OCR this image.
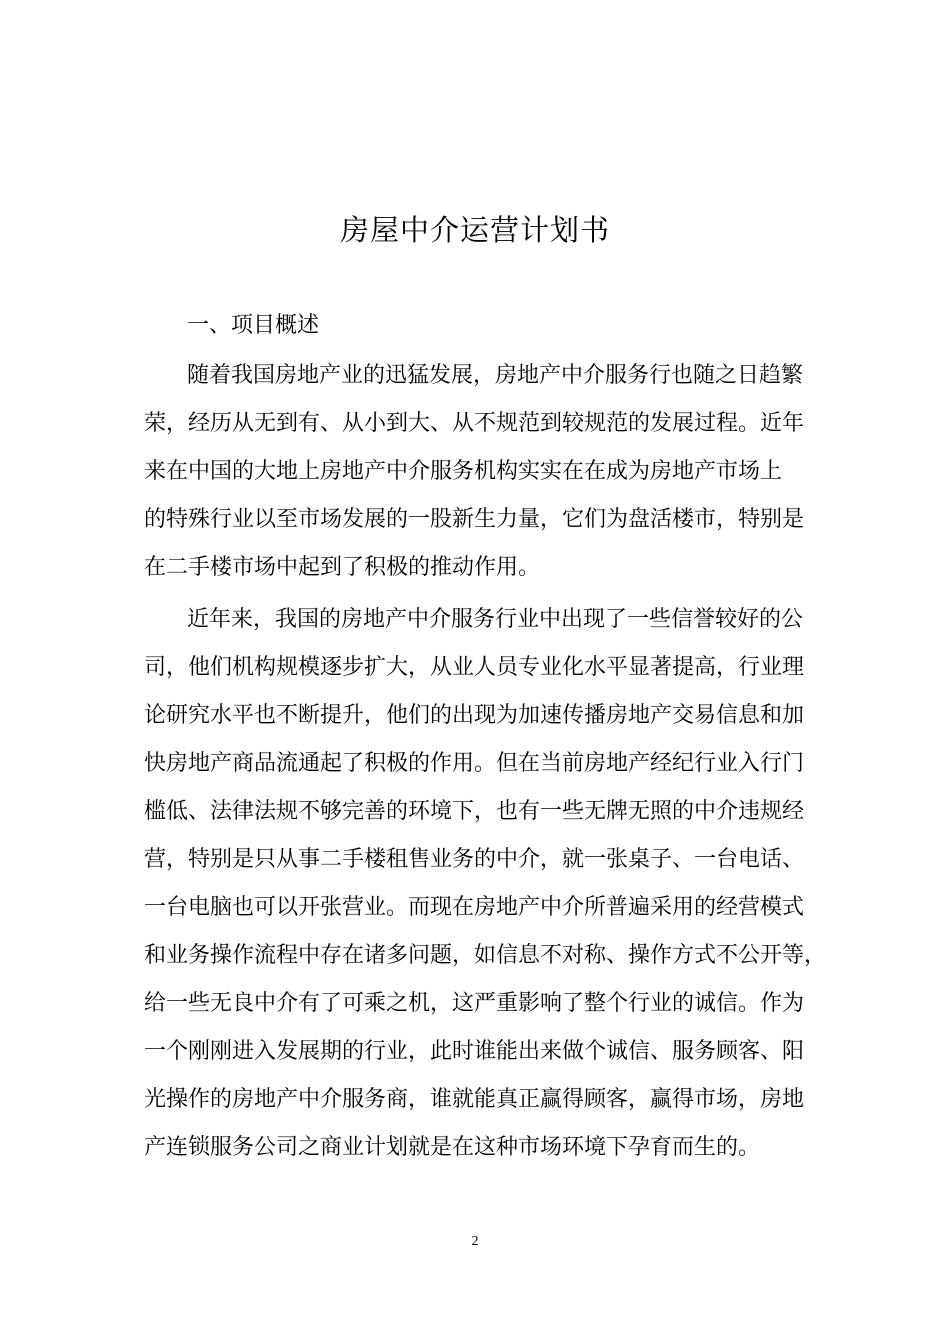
房屋中介运营计划书
一、项目概述
随着我国房地产业的迅猛发展，房地产中介服务行也随之日趋繁
荣，经历从无到有、从小到大、从不规范到较规范的发展过程。近年
来在中国的大地上房地产中介服务机构实实在在成为房地产市场上
的特殊行业以至市场发展的一股新生力量，它们为盘活楼市，特别是
在二手楼市场中起到了积极的推动作用。
近年来，我国的房地产中介服务行业中出现了一些信誉较好的公
司，他们机构规模逐步扩大，从业人员专业化水平显著提高，行业理
论研究水平也不断提升，他们的出现为加速传播房地产交易信息和加
快房地产商品流通起了积极的作用。但在当前房地产经纪行业入行门
槛低、法律法规不够完善的环境下，也有一些无牌无照的中介违规经
营，特别是只从事二手楼租售业务的中介，就一张桌子、一台电话、
一台电脑也可以开张营业。而现在房地产中介所普遍采用的经营模式
和业务操作流程中存在诸多问题，如信息不对称、操作方式不公开等，
给一些无良中介有了可乘之机，这严重影响了整个行业的诚信。作为
一个刚刚进入发展期的行业，此时谁能出来做个诚信、服务顾客、阳
光操作的房地产中介服务商，谁就能真正赢得顾客，赢得市场，房地
产连锁服务公司之商业计划就是在这种市场环境下孕育而生的。
2
